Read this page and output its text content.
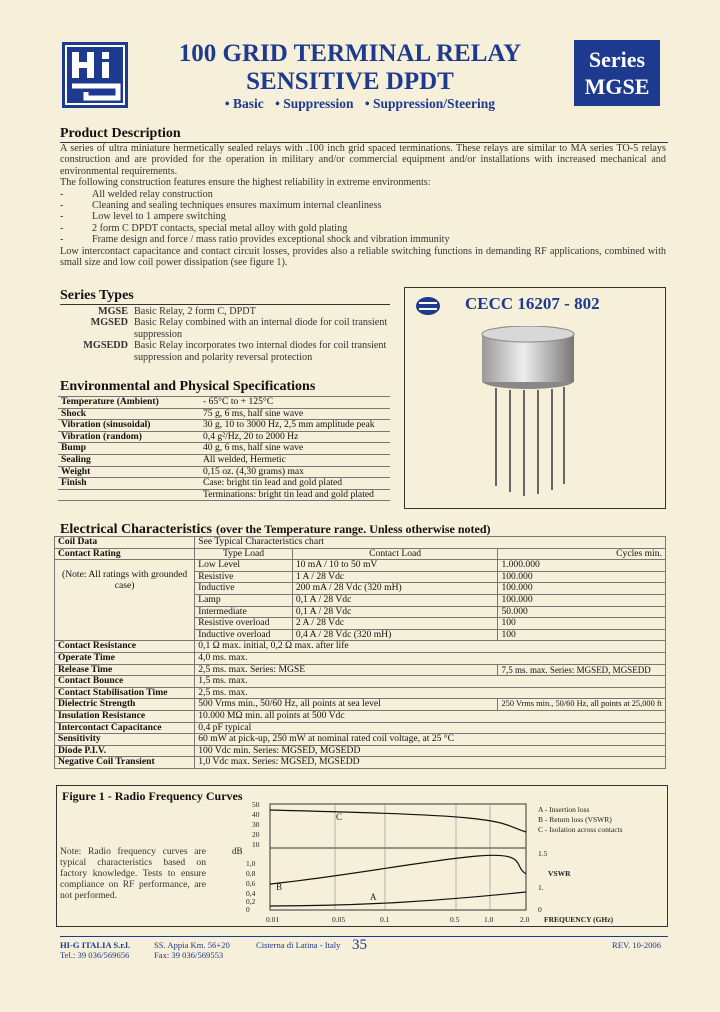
100 GRID TERMINAL RELAY
SENSITIVE DPDT
• Basic • Suppression • Suppression/Steering
Series
MGSE
Product Description
A series of ultra miniature hermetically sealed relays with .100 inch grid spaced terminations. These relays are similar to MA series TO-5 relays construction and are provided for the operation in military and/or commercial equipment and/or installations with increased mechanical and environmental requirements.
The following construction features ensure the highest reliability in extreme environments:
- All welded relay construction
- Cleaning and sealing techniques ensures maximum internal cleanliness
- Low level to 1 ampere switching
- 2 form C DPDT contacts, special metal alloy with gold plating
- Frame design and force / mass ratio provides exceptional shock and vibration immunity
Low intercontact capacitance and contact circuit losses, provides also a reliable switching functions in demanding RF applications, combined with small size and low coil power dissipation (see figure 1).
Series Types
MGSE Basic Relay, 2 form C, DPDT
MGSED Basic Relay combined with an internal diode for coil transient suppression
MGSEDD Basic Relay incorporates two internal diodes for coil transient suppression and polarity reversal protection
CECC 16207 - 802
Environmental and Physical Specifications
Temperature (Ambient)	- 65°C to + 125°C
Shock	75 g, 6 ms, half sine wave
Vibration (sinusoidal)	30 g, 10 to 3000 Hz, 2,5 mm amplitude peak
Vibration (random)	0,4 g²/Hz, 20 to 2000 Hz
Bump	40 g, 6 ms, half sine wave
Sealing	All welded, Hermetic
Weight	0,15 oz. (4,30 grams) max
Finish	Case: bright tin lead and gold plated
	Terminations: bright tin lead and gold plated
Electrical Characteristics (over the Temperature range. Unless otherwise noted)
Coil Data	See Typical Characteristics chart		
Contact Rating	Type Load	Contact Load	Cycles min.
(Note: All ratings with grounded case)	Low Level	10 mA / 10 to 50 mV	1.000.000
	Resistive	1 A / 28 Vdc	100.000
	Inductive	200 mA / 28 Vdc (320 mH)	100.000
	Lamp	0,1 A / 28 Vdc	100.000
	Intermediate	0,1 A / 28 Vdc	50.000
	Resistive overload	2 A / 28 Vdc	100
	Inductive overload	0,4 A / 28 Vdc (320 mH)	100
Contact Resistance	0,1 Ω max. initial, 0,2 Ω max. after life		
Operate Time	4,0 ms. max.		
Release Time	2,5 ms. max. Series: MGSE		7,5 ms. max. Series: MGSED, MGSEDD
Contact Bounce	1,5 ms. max.		
Contact Stabilisation Time	2,5 ms. max.		
Dielectric Strength	500 Vrms min., 50/60 Hz, all points at sea level		250 Vrms min., 50/60 Hz, all points at 25,000 ft
Insulation Resistance	10.000 MΩ min. all points at 500 Vdc		
Intercontact Capacitance	0,4 pF typical		
Sensitivity	60 mW at pick-up, 250 mW at nominal rated coil voltage, at 25 °C		
Diode P.I.V.	100 Vdc min. Series: MGSED, MGSEDD		
Negative Coil Transient	1,0 Vdc max. Series: MGSED, MGSEDD		
Figure 1 - Radio Frequency Curves
Note: Radio frequency curves are typical characteristics based on factory knowledge. Tests to ensure compliance on RF performance, are not performed.
50
40
30
20
10
1,0
0,8
0,6
0,4
0,2
0
dB	1.5
1.
0
VSWR
0.01	0.05	0.1	0.5	1.0	2.0 FREQUENCY (GHz)
A - Insertion loss
B - Return loss (VSWR)
C - Isolation across contacts
C
B
A
HI-G ITALIA S.r.l.
Tel.: 39 036/569656
SS. Appia Km. 56+20
Fax: 39 036/569553
Cisterna di Latina - Italy 35	REV. 10-2006
